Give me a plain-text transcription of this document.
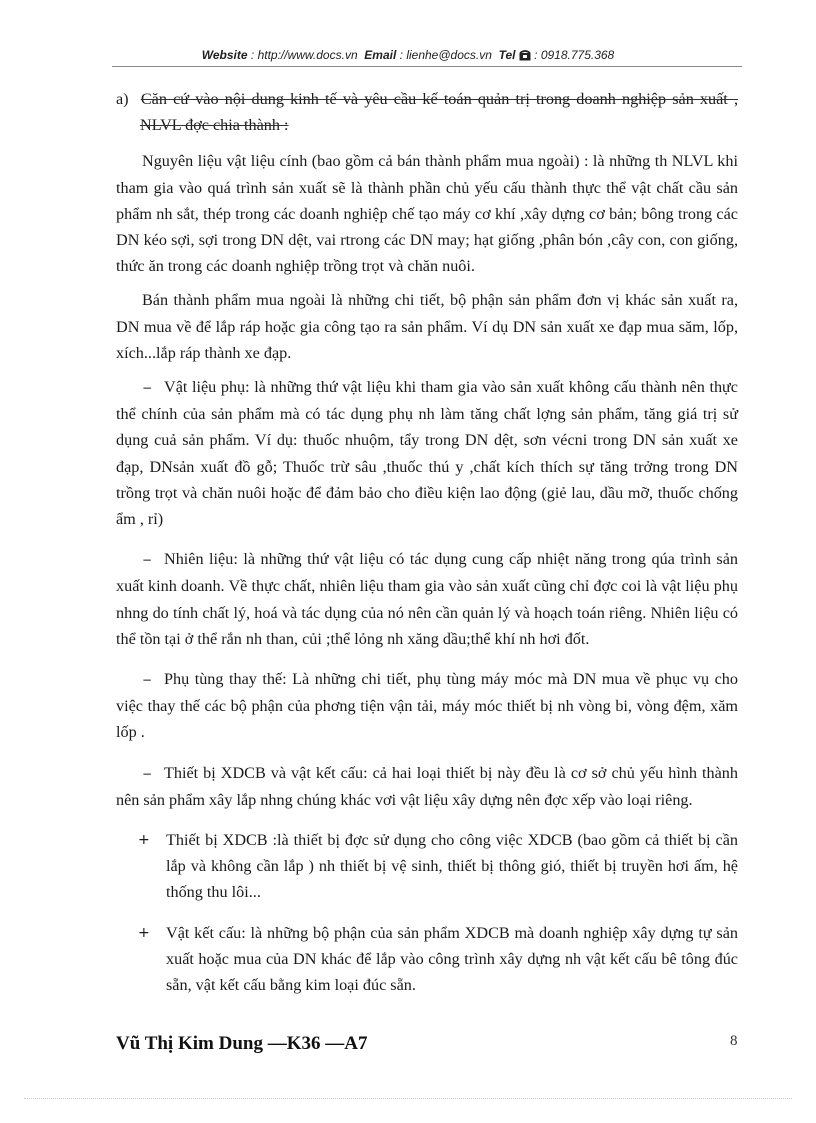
Website : http://www.docs.vn Email : lienhe@docs.vn Tel : 0918.775.368

a) Căn cứ vào nội dung kinh tế và yêu cầu kế toán quản trị trong doanh nghiệp sản xuất , NLVL đợc chia thành :

Nguyên liệu vật liệu cính (bao gồm cả bán thành phẩm mua ngoài) : là những th NLVL khi tham gia vào quá trình sản xuất sẽ là thành phần chủ yếu cấu thành thực thể vật chất cầu sản phẩm nh sắt, thép trong các doanh nghiệp chế tạo máy cơ khí ,xây dựng cơ bản; bông trong các DN kéo sợi, sợi trong DN dệt, vai rtrong các DN may; hạt giống ,phân bón ,cây con, con giống, thức ăn trong các doanh nghiệp trồng trọt và chăn nuôi.

Bán thành phẩm mua ngoài là những chi tiết, bộ phận sản phẩm đơn vị khác sản xuất ra, DN mua về để lắp ráp hoặc gia công tạo ra sản phẩm. Ví dụ DN sản xuất xe đạp mua săm, lốp, xích...lắp ráp thành xe đạp.

− Vật liệu phụ: là những thứ vật liệu khi tham gia vào sản xuất không cấu thành nên thực thể chính của sản phẩm mà có tác dụng phụ nh làm tăng chất lợng sản phẩm, tăng giá trị sử dụng cuả sản phẩm. Ví dụ: thuốc nhuộm, tẩy trong DN dệt, sơn vécni trong DN sản xuất xe đạp, DNsản xuất đồ gỗ; Thuốc trừ sâu ,thuốc thú y ,chất kích thích sự tăng trởng trong DN trồng trọt và chăn nuôi hoặc để đảm bảo cho điều kiện lao động (giẻ lau, dầu mỡ, thuốc chống ẩm , rỉ)

− Nhiên liệu: là những thứ vật liệu có tác dụng cung cấp nhiệt năng trong qúa trình sản xuất kinh doanh. Về thực chất, nhiên liệu tham gia vào sản xuất cũng chỉ đợc coi là vật liệu phụ nhng do tính chất lý, hoá và tác dụng của nó nên cần quản lý và hoạch toán riêng. Nhiên liệu có thể tồn tại ở thể rắn nh than, củi ;thể lỏng nh xăng dầu;thể khí nh hơi đốt.

− Phụ tùng thay thế: Là những chi tiết, phụ tùng máy móc mà DN mua về phục vụ cho việc thay thế các bộ phận của phơng tiện vận tải, máy móc thiết bị nh vòng bi, vòng đệm, xăm lốp .

− Thiết bị XDCB và vật kết cấu: cả hai loại thiết bị này đều là cơ sở chủ yếu hình thành nên sản phẩm xây lắp nhng chúng khác vơi vật liệu xây dựng nên đợc xếp vào loại riêng.

+ Thiết bị XDCB :là thiết bị đợc sử dụng cho công việc XDCB (bao gồm cả thiết bị cần lắp và không cần lắp ) nh thiết bị vệ sinh, thiết bị thông gió, thiết bị truyền hơi ấm, hệ thống thu lôi...

+ Vật kết cấu: là những bộ phận của sản phẩm XDCB mà doanh nghiệp xây dựng tự sản xuất hoặc mua của DN khác để lắp vào công trình xây dựng nh vật kết cấu bê tông đúc sẵn, vật kết cấu bằng kim loại đúc sẵn.

Vũ Thị Kim Dung —K36 —A7	8
